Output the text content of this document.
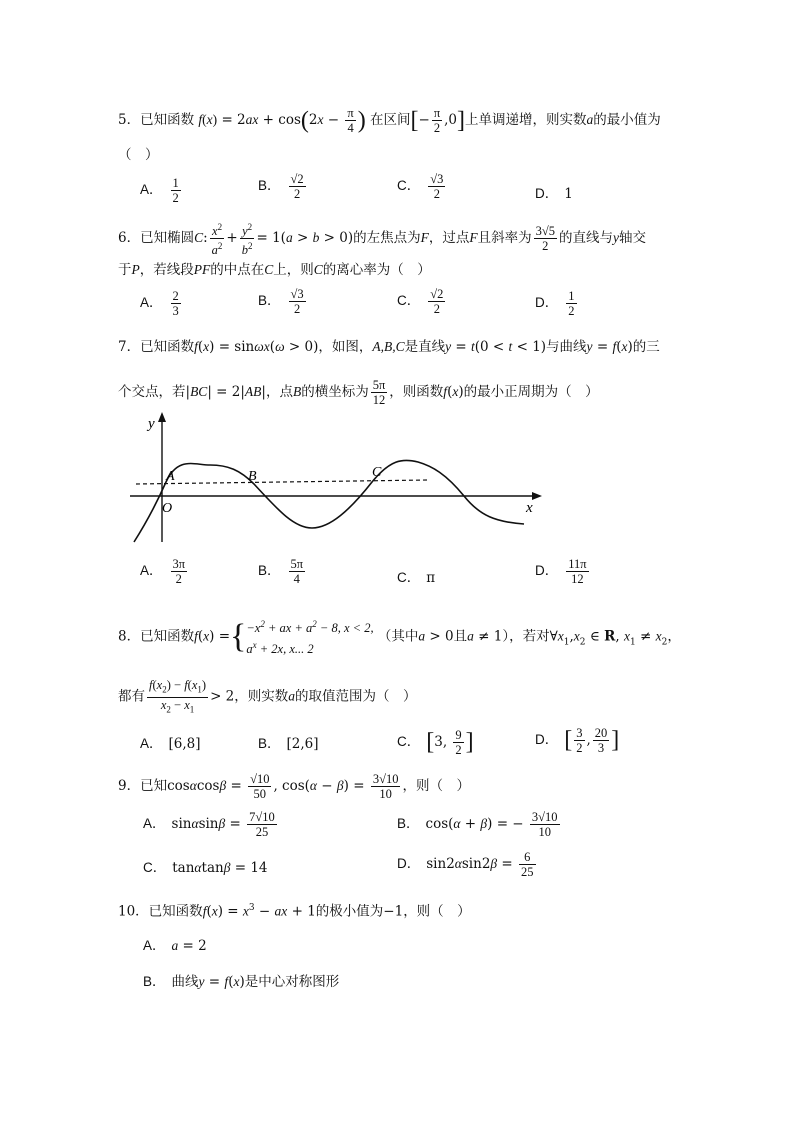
5．已知函数 $f(x) = 2ax + \cos(2x - \frac{\pi}{4}$ ) 在区间[− $\frac{\pi}{2} ,0$]上单调递增，则实数a的最小值为
（　）
A． $\frac{1}{2}$	B． $\frac{√2}{2}$	C． $\frac{√3}{2}$	D． 1
6．已知椭圆C: $\frac{x^2}{a^2} + \frac{y^2}{b^2} = 1(a > b > 0)$的左焦点为F，过点F且斜率为 $\frac{3√5}{2}$ 的直线与y轴交
于P，若线段PF的中点在C上，则C的离心率为（　）
A． $\frac{2}{3}$	B． $\frac{√3}{2}$	C． $\frac{√2}{2}$	D． $\frac{1}{2}$
7．已知函数f(x) = sinωx(ω > 0)，如图，A,B,C是直线y = t(0 < t < 1)与曲线y = f(x)的三
个交点，若|BC| = 2|AB|，点B的横坐标为 $\frac{5\pi}{12}$ ，则函数f(x)的最小正周期为（　）
y
x
O
A	B	C
A． $\frac{3\pi}{2}$	B． $\frac{5\pi}{4}$	C． π	D． $\frac{11\pi}{12}$
8．已知函数$f(x) =\{-x^2$ + ax + $a^2 - 8$, x < 2,
$a^x + 2x$, x... 2 （其中a > 0且a ≠ 1），若对$\forall x_1,x_2$ ∈ R, $x_1 \ne x_2$，
都有 $\frac{f(x_2) - f(x_1)}{x_2 - x_1} > 2$，则实数a的取值范围为（　）
A． [6,8]	B． [2,6]	C． [3, $\frac{9}{2}$ ]	D． [ $\frac{3}{2}$ , $\frac{20}{3}$ ]
9．已知$\cos\alpha\cos\beta = \frac{√10}{50}$ , $\cos(\alpha - \beta) = \frac{3√10}{10}$ ，则（　）
A． $\sin\alpha\sin\beta = \frac{7√10}{25}$	B． cos(α + β) = − $\frac{3√10}{10}$
C． tanαtanβ = 14	D． $\sin 2\alpha\sin 2\beta = \frac{6}{25}$
10．已知函数$f(x) = x^3$ − ax + 1的极小值为−1，则（　）
A． a = 2
B． 曲线y = f(x)是中心对称图形
